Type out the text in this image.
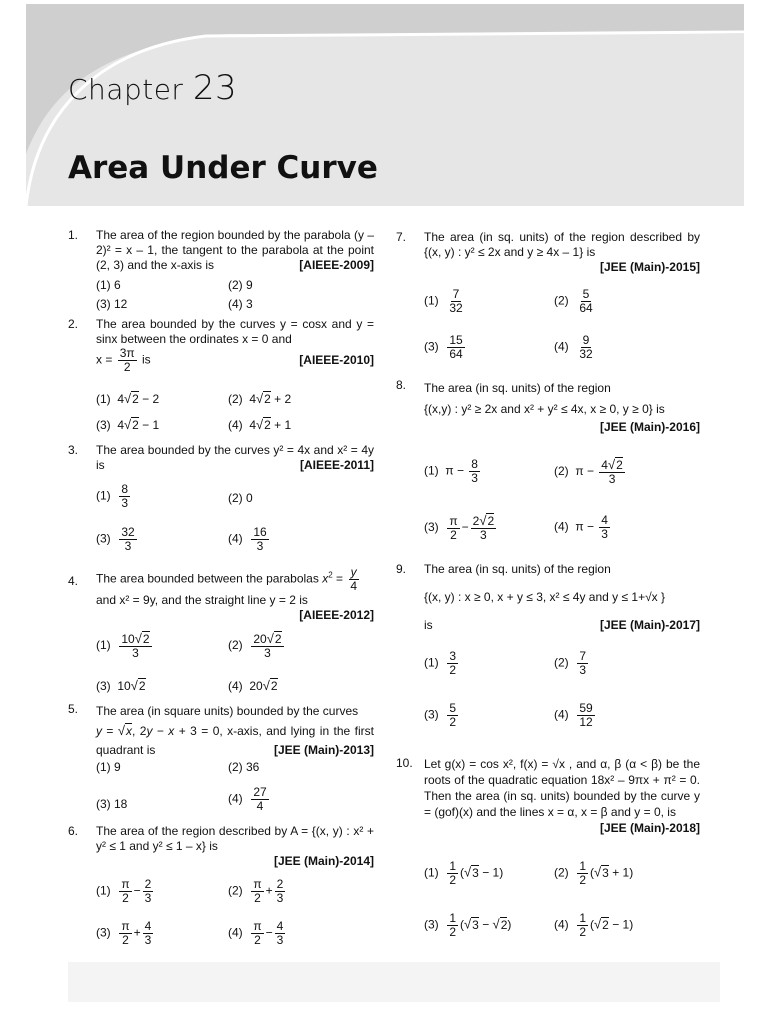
Chapter 23
Area Under Curve
1. The area of the region bounded by the parabola (y – 2)² = x – 1, the tangent to the parabola at the point (2, 3) and the x-axis is	[AIEEE-2009]
(1) 6	(2) 9
(3) 12	(4) 3
2. The area bounded by the curves y = cosx and y = sinx between the ordinates x = 0 and
$x = \frac{3\pi}{2}$ is	[AIEEE-2010]
(1)  4√2 − 2	(2)  4√2 + 2
(3)  4√2 − 1	(4)  4√2 + 1
3. The area bounded by the curves y² = 4x and x² = 4y is	[AIEEE-2011]
$(1) \frac{8}{3}$	(2) 0
$(3) \frac{32}{3}$	$(4) \frac{16}{3}$
4. The area bounded between the parabolas $x^2 = \frac{y}{4}$

and x² = 9y, and the straight line y = 2 is

[AIEEE-2012]
$(1) \frac{10√2}{3}$	$(2) \frac{20√2}{3}$
(3)  10√2	(4)  20√2
5. The area (in square units) bounded by the curves
y = √x, 2y − x + 3 = 0, x-axis, and lying in the first quadrant is	[JEE (Main)-2013]
(1) 9	(2) 36
(3) 18	$(4) \frac{27}{4}$
6. The area of the region described by A = {(x, y) : x² + y² ≤ 1 and y² ≤ 1 – x} is

[JEE (Main)-2014]
$(1) \frac{\pi}{2} - \frac{2}{3}$	$(2) \frac{\pi}{2} + \frac{2}{3}$
$(3) \frac{\pi}{2} + \frac{4}{3}$	$(4) \frac{\pi}{2} - \frac{4}{3}$
7. The area (in sq. units) of the region described by {(x, y) : y² ≤ 2x and y ≥ 4x – 1} is

[JEE (Main)-2015]
$(1) \frac{7}{32}$	$(2) \frac{5}{64}$
$(3) \frac{15}{64}$	$(4) \frac{9}{32}$
8. The area (in sq. units) of the region
{(x,y) : y² ≥ 2x and x² + y² ≤ 4x, x ≥ 0, y ≥ 0} is

[JEE (Main)-2016]
(1)  $\pi - \frac{8}{3}$	(2)  $\pi - \frac{4√2}{3}$
$(3) \frac{\pi}{2} - \frac{2√2}{3}$	(4)  $\pi - \frac{4}{3}$
9. The area (in sq. units) of the region
{(x, y) : x ≥ 0, x + y ≤ 3, x² ≤ 4y and y ≤ 1+√x }
is	[JEE (Main)-2017]
$(1) \frac{3}{2}$	$(2) \frac{7}{3}$
$(3) \frac{5}{2}$	$(4) \frac{59}{12}$
10. Let g(x) = cos x², f(x) = √x , and α, β (α < β) be the roots of the quadratic equation 18x² – 9πx + π² = 0. Then the area (in sq. units) bounded by the curve y = (gof)(x) and the lines x = α, x = β and y = 0, is

[JEE (Main)-2018]
$(1) \frac{1}{2} (√3 - 1)$	$(2) \frac{1}{2} (√3 + 1)$
$(3) \frac{1}{2} (√3 - √2)$	$(4) \frac{1}{2} (√2 - 1)$
